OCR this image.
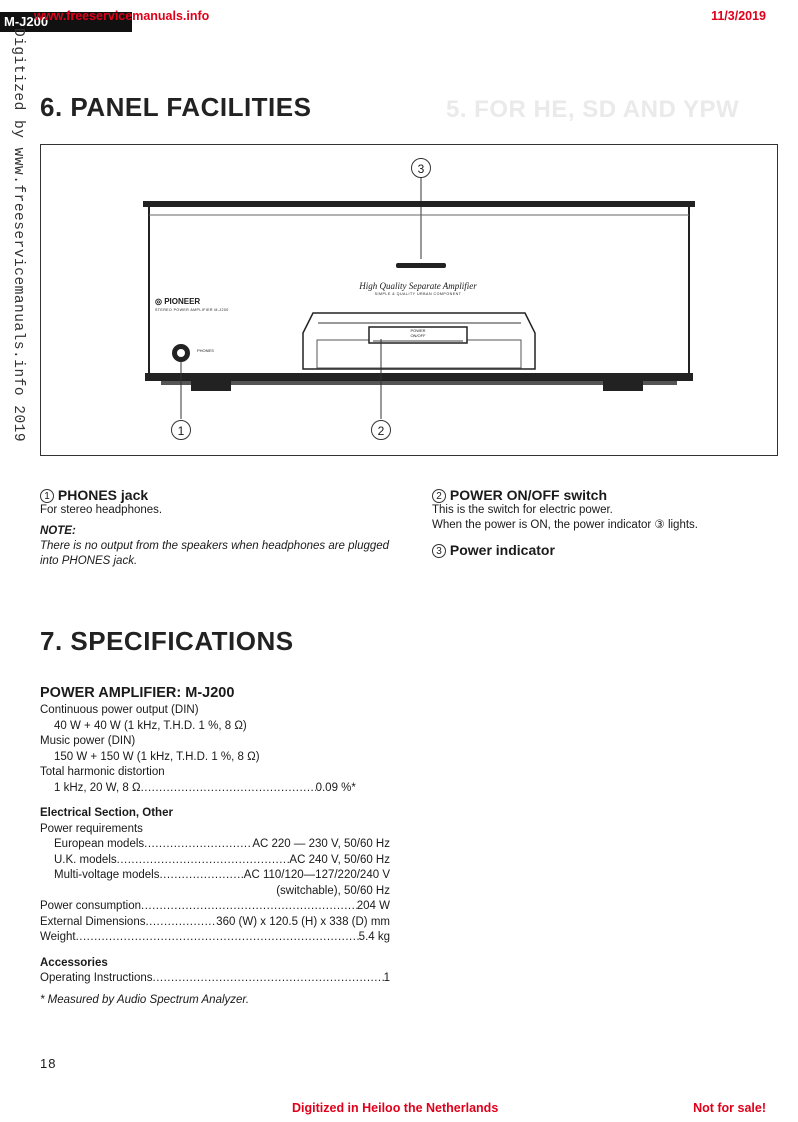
M-J200
www.freeservicemanuals.info	11/3/2019
Digitized by www.freeservicemanuals.info 2019	5. FOR HE, SD AND YPW
6. PANEL FACILITIES
High Quality Separate Amplifier
SIMPLE & QUALITY URBAN COMPONENT
◎ PIONEER
STEREO POWER AMPLIFIER M-J200
PHONES
POWER
ON/OFF
3
1	2
1 PHONES jack
For stereo headphones.
NOTE:
There is no output from the speakers when headphones are plugged into PHONES jack.
2 POWER ON/OFF switch
This is the switch for electric power.
When the power is ON, the power indicator ③ lights.
3 Power indicator
7. SPECIFICATIONS
POWER AMPLIFIER: M-J200
Continuous power output (DIN)
40 W + 40 W (1 kHz, T.H.D. 1 %, 8 Ω)
Music power (DIN)
150 W + 150 W (1 kHz, T.H.D. 1 %, 8 Ω)
Total harmonic distortion
1 kHz, 20 W, 8 Ω .....	0.09 %*
Electrical Section, Other
Power requirements
European models .....	AC 220 — 230 V, 50/60 Hz
U.K. models .....	AC 240 V, 50/60 Hz
Multi-voltage models .....	AC 110/120—127/220/240 V
(switchable), 50/60 Hz
Power consumption .....	204 W
External Dimensions .....	360 (W) x 120.5 (H) x 338 (D) mm
Weight .....	5.4 kg
Accessories
Operating Instructions .....	1
* Measured by Audio Spectrum Analyzer.
18
Digitized in Heiloo the Netherlands	Not for sale!
